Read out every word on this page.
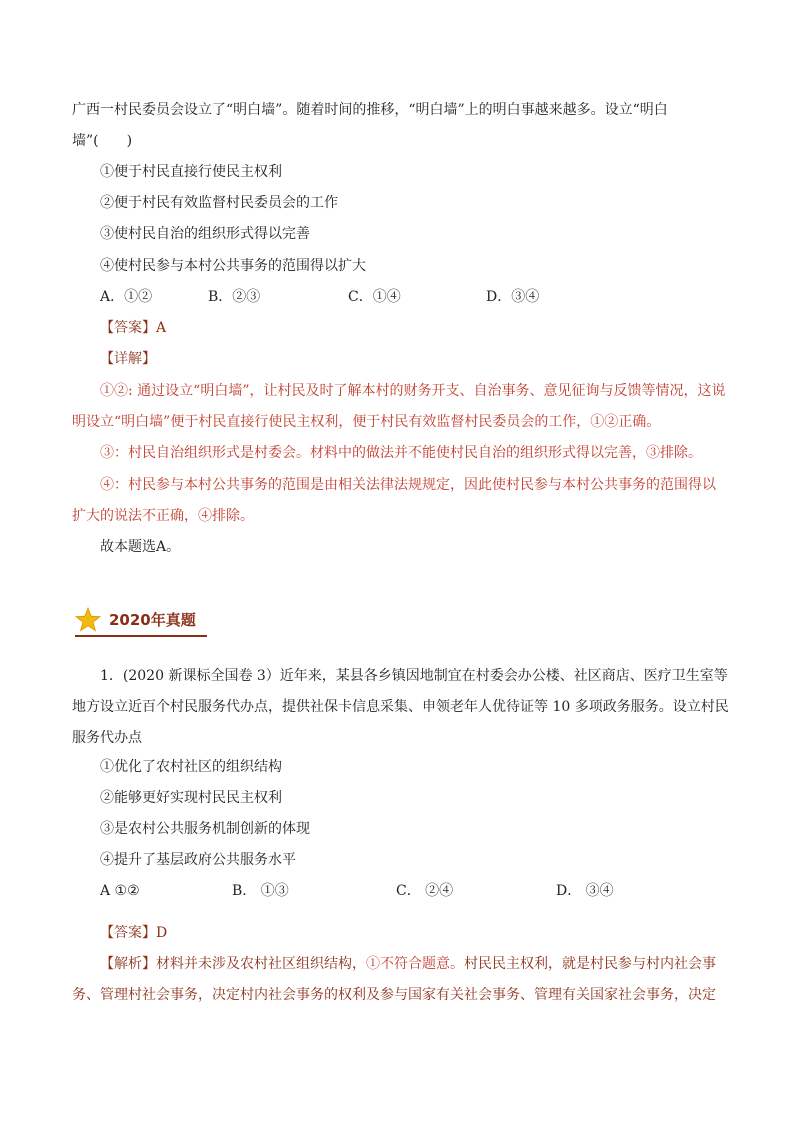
广西一村民委员会设立了“明白墙”。随着时间的推移，“明白墙”上的明白事越来越多。设立“明白
墙”(　　)
①便于村民直接行使民主权利
②便于村民有效监督村民委员会的工作
③使村民自治的组织形式得以完善
④使村民参与本村公共事务的范围得以扩大
A．①②	B．②③	C．①④	D．③④
【答案】A
【详解】
①②: 通过设立“明白墙”，让村民及时了解本村的财务开支、自治事务、意见征询与反馈等情况，这说
明设立“明白墙”便于村民直接行使民主权利，便于村民有效监督村民委员会的工作，①②正确。
③：村民自治组织形式是村委会。材料中的做法并不能使村民自治的组织形式得以完善，③排除。
④：村民参与本村公共事务的范围是由相关法律法规规定，因此使村民参与本村公共事务的范围得以
扩大的说法不正确，④排除。
故本题选A。
2020年真题
1．(2020 新课标全国卷 3）近年来，某县各乡镇因地制宜在村委会办公楼、社区商店、医疗卫生室等
地方设立近百个村民服务代办点，提供社保卡信息采集、申领老年人优待证等 10 多项政务服务。设立村民
服务代办点
①优化了农村社区的组织结构
②能够更好实现村民民主权利
③是农村公共服务机制创新的体现
④提升了基层政府公共服务水平
A ①②	B． ①③	C． ②④	D． ③④
【答案】D
【解析】材料并未涉及农村社区组织结构，①不符合题意。村民民主权利，就是村民参与村内社会事
务、管理村社会事务，决定村内社会事务的权利及参与国家有关社会事务、管理有关国家社会事务，决定
